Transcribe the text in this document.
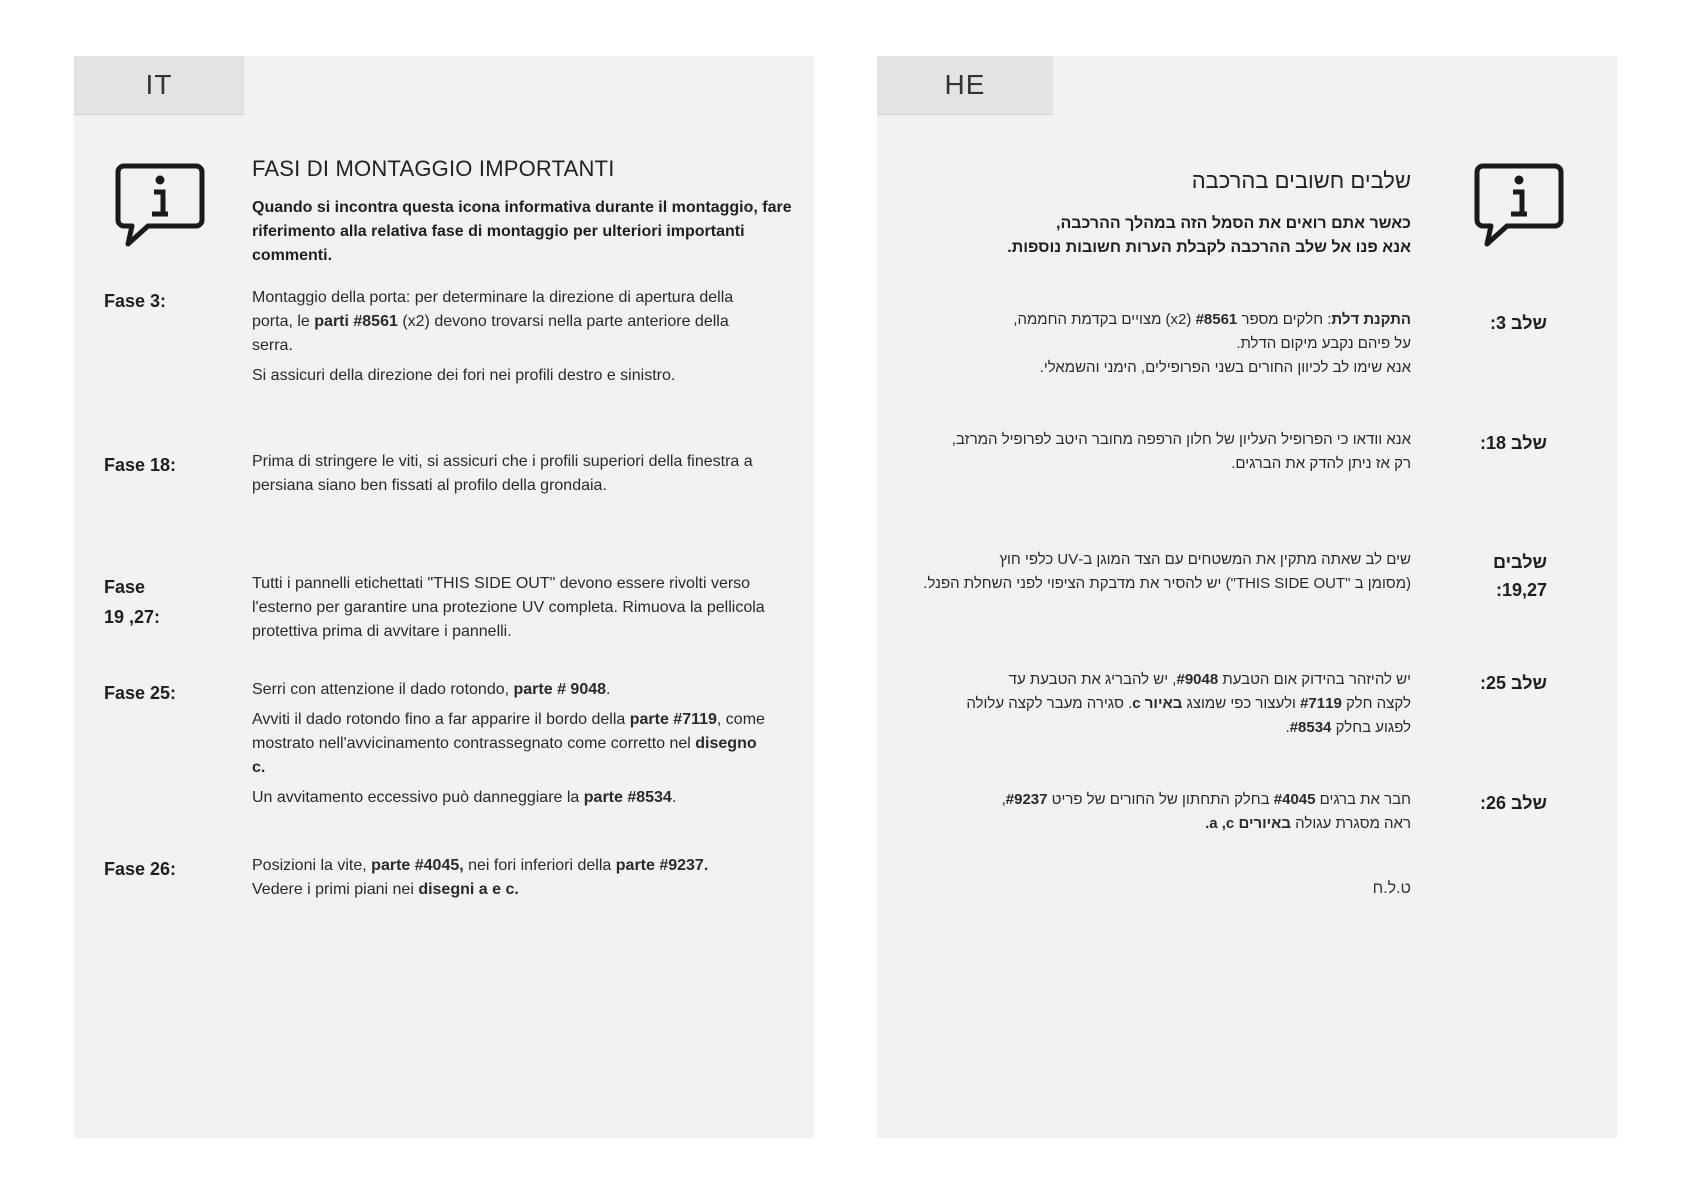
IT
FASI DI MONTAGGIO IMPORTANTI
Quando si incontra questa icona informativa durante il montaggio, fare riferimento alla relativa fase di montaggio per ulteriori importanti commenti.
Fase 3:	Montaggio della porta: per determinare la direzione di apertura della porta, le parti #8561 (x2) devono trovarsi nella parte anteriore della serra.

Si assicuri della direzione dei fori nei profili destro e sinistro.

Fase 18:	Prima di stringere le viti, si assicuri che i profili superiori della finestra a persiana siano ben fissati al profilo della grondaia.

Fase
19 ,27:

Tutti i pannelli etichettati "THIS SIDE OUT" devono essere rivolti verso l'esterno per garantire una protezione UV completa. Rimuova la pellicola protettiva prima di avvitare i pannelli.

Fase 25:	Serri con attenzione il dado rotondo, parte # 9048.

Avviti il dado rotondo fino a far apparire il bordo della parte #7119, come mostrato nell'avvicinamento contrassegnato come corretto nel disegno c.

Un avvitamento eccessivo può danneggiare la parte #8534.

Fase 26:	Posizioni la vite, parte #4045, nei fori inferiori della parte #9237.

Vedere i primi piani nei disegni a e c.

HE
שלבים חשובים בהרכבה
כאשר אתם רואים את הסמל הזה במהלך ההרכבה,
אנא פנו אל שלב ההרכבה לקבלת הערות חשובות נוספות.
שלב 3:
התקנת דלת: חלקים מספר #8561 (x2) מצויים בקדמת החממה,
על פיהם נקבע מיקום הדלת.
אנא שימו לב לכיוון החורים בשני הפרופילים, הימני והשמאלי.
שלב 18:
אנא וודאו כי הפרופיל העליון של חלון הרפפה מחובר היטב לפרופיל המרזב,
רק אז ניתן להדק את הברגים.
שלבים
19,27:
שים לב שאתה מתקין את המשטחים עם הצד המוגן ב-UV כלפי חוץ
(מסומן ב "THIS SIDE OUT") יש להסיר את מדבקת הציפוי לפני השחלת הפנל.
שלב 25:
יש להיזהר בהידוק אום הטבעת #9048, יש להבריג את הטבעת עד
לקצה חלק #7119 ולעצור כפי שמוצג באיור c. סגירה מעבר לקצה עלולה
לפגוע בחלק #8534.
שלב 26:
חבר את ברגים #4045 בחלק התחתון של החורים של פריט #9237,
ראה מסגרת עגולה באיורים a ,c.
ט.ל.ח
